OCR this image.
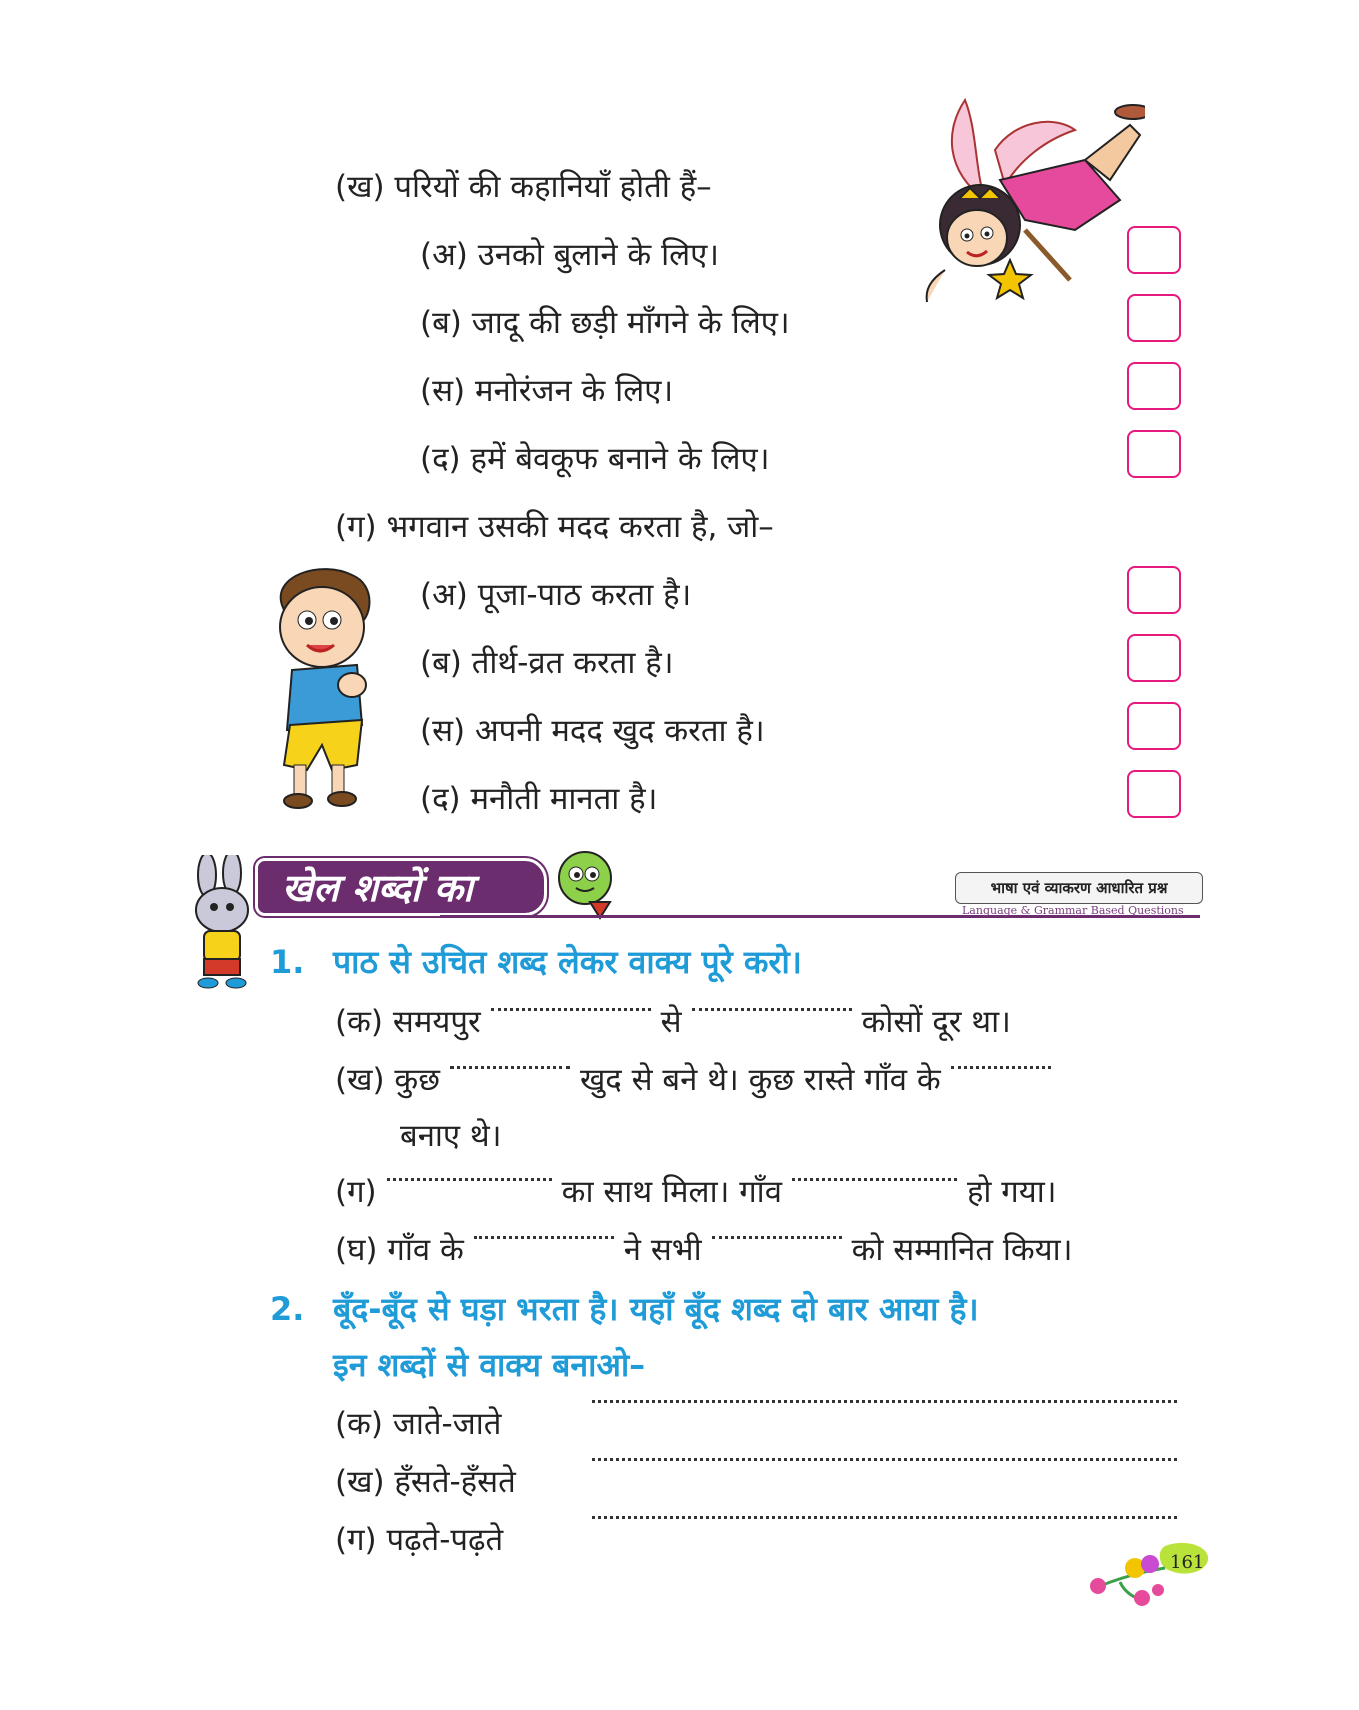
(ख) परियों की कहानियाँ होती हैं–
(अ) उनको बुलाने के लिए।
(ब) जादू की छड़ी माँगने के लिए।
(स) मनोरंजन के लिए।
(द) हमें बेवकूफ बनाने के लिए।
(ग) भगवान उसकी मदद करता है, जो–
(अ) पूजा-पाठ करता है।
(ब) तीर्थ-व्रत करता है।
(स) अपनी मदद खुद करता है।
(द) मनौती मानता है।
खेल शब्दों का	भाषा एवं व्याकरण आधारित प्रश्न
Language & Grammar Based Questions
1. पाठ से उचित शब्द लेकर वाक्य पूरे करो।
(क) समयपुर	से	कोसों दूर था।
(ख) कुछ	खुद से बने थे। कुछ रास्ते गाँव के
बनाए थे।
(ग)	का साथ मिला। गाँव	हो गया।
(घ) गाँव के	ने सभी	को सम्मानित किया।
2. बूँद-बूँद से घड़ा भरता है। यहाँ बूँद शब्द दो बार आया है।
इन शब्दों से वाक्य बनाओ–
(क) जाते-जाते
(ख) हँसते-हँसते
(ग) पढ़ते-पढ़ते
161
